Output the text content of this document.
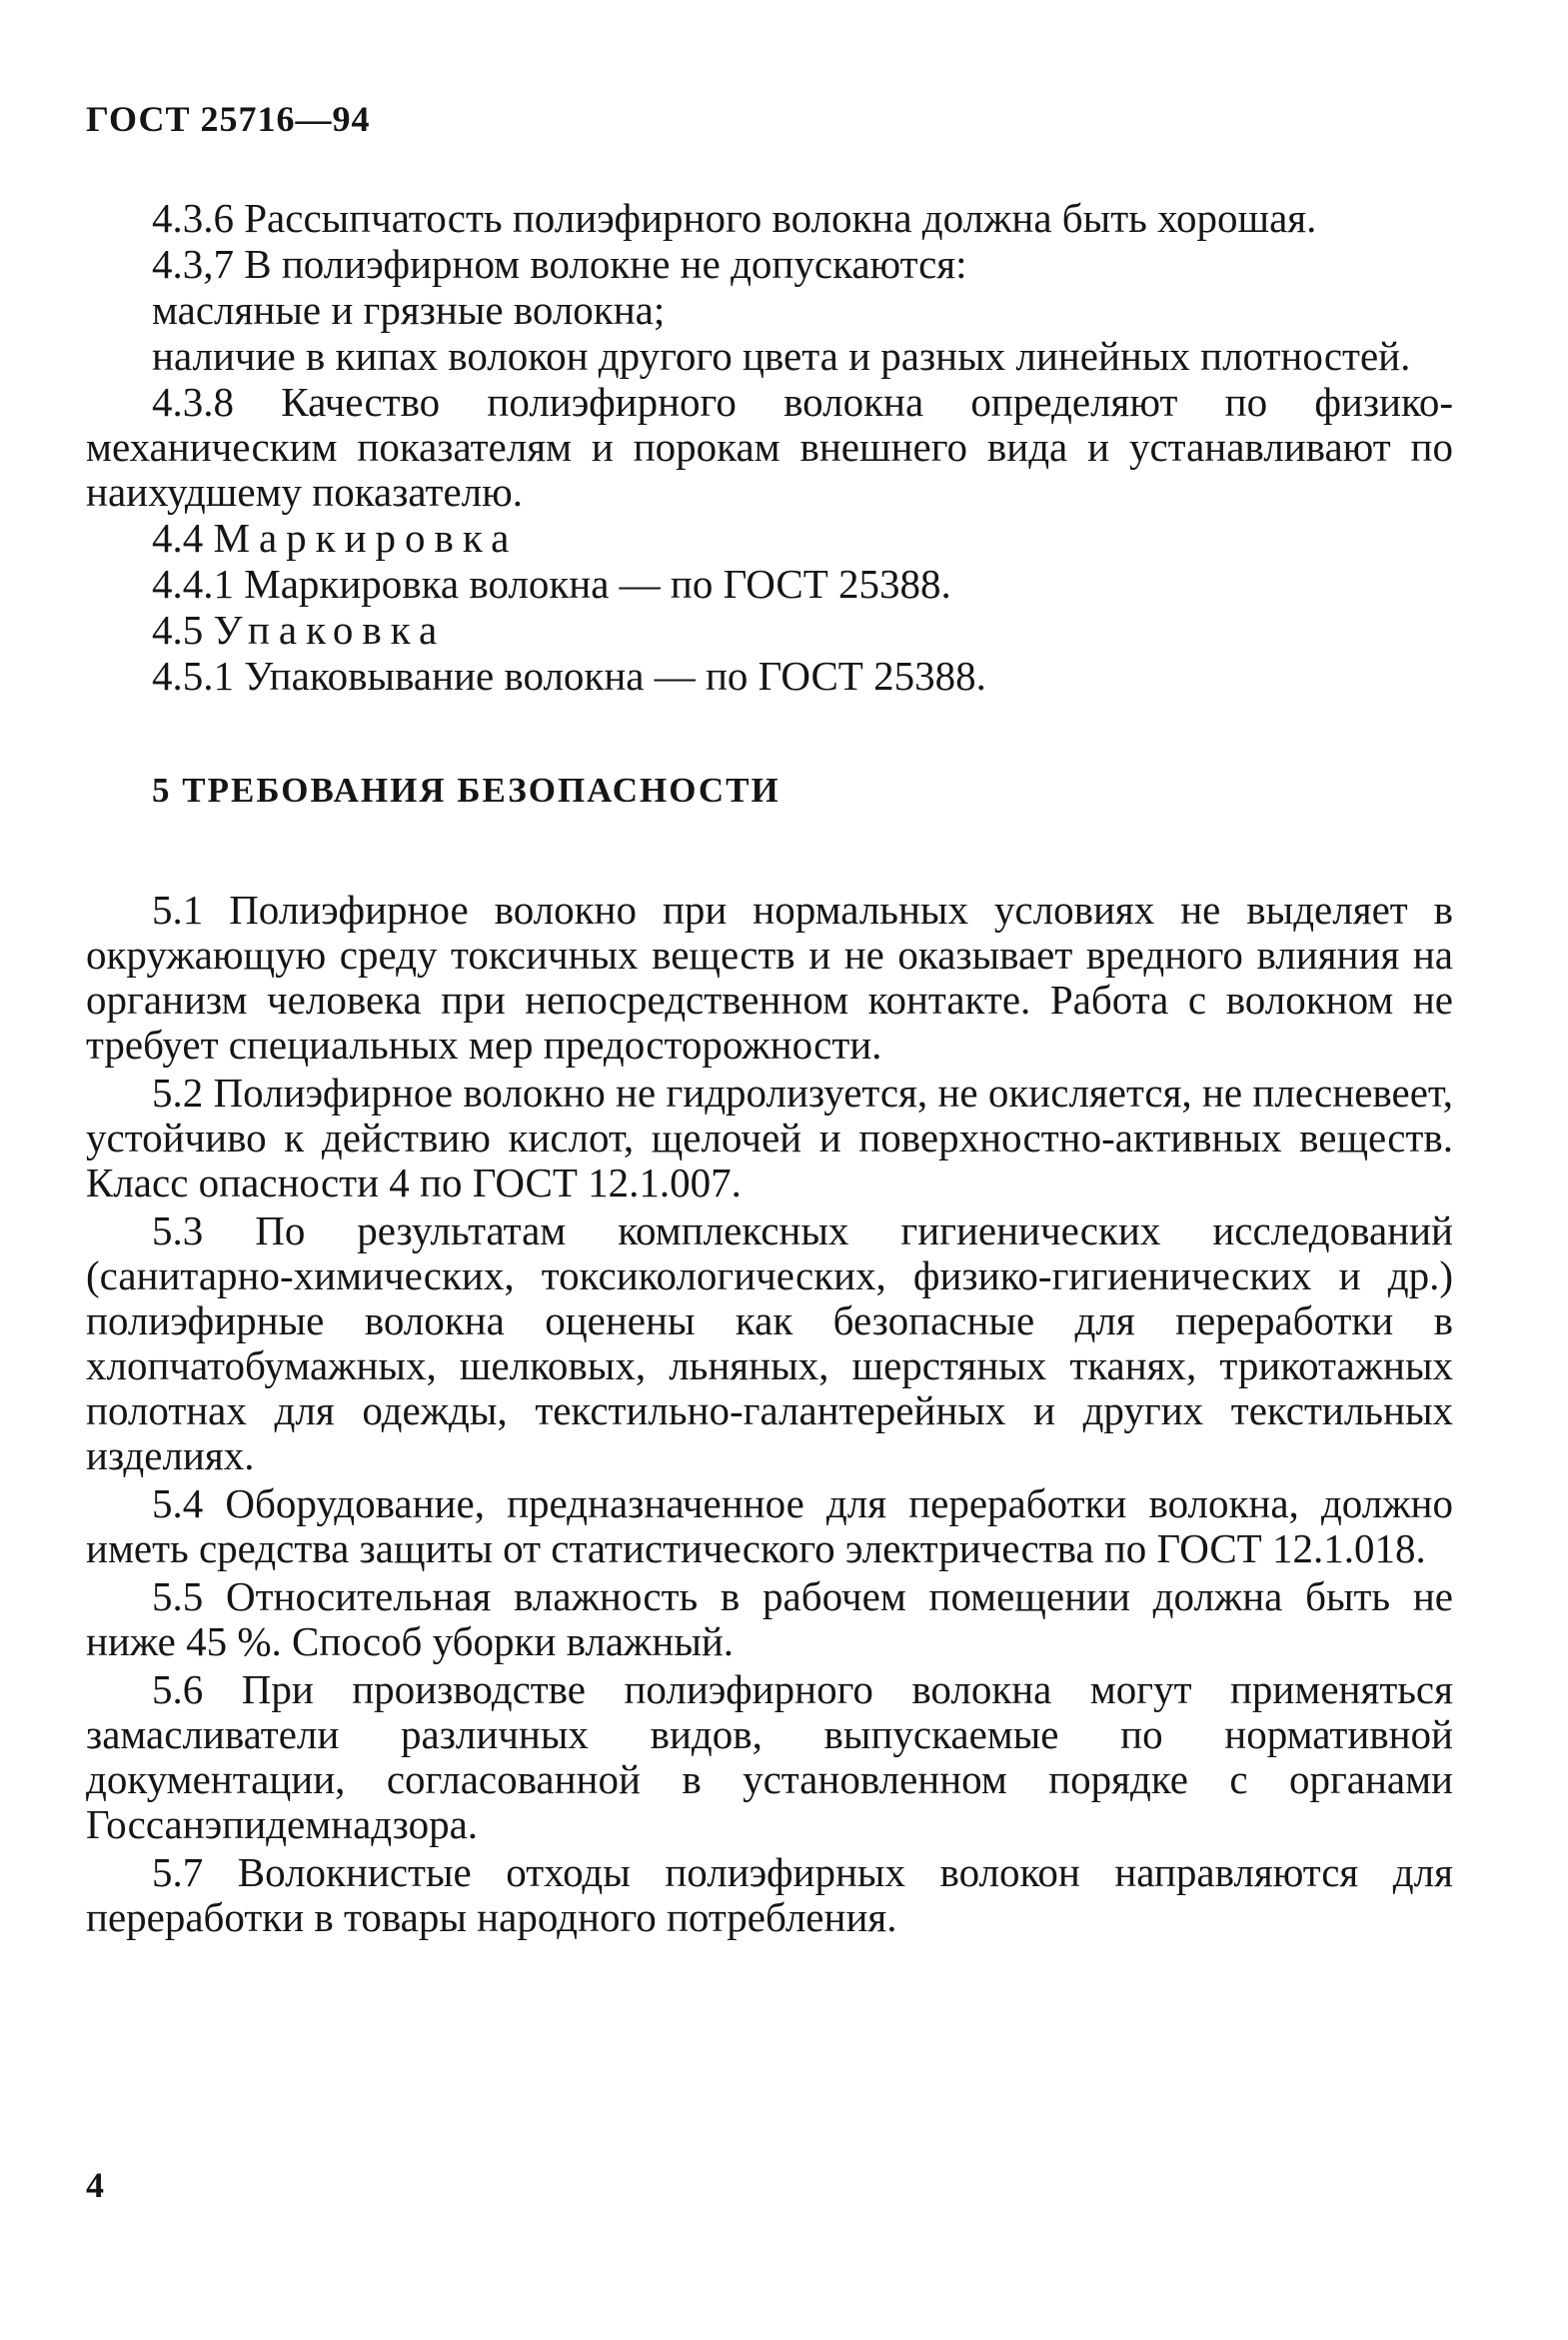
ГОСТ 25716—94

4.3.6 Рассыпчатость полиэфирного волокна должна быть хорошая.

4.3,7 В полиэфирном волокне не допускаются:

масляные и грязные волокна;

наличие в кипах волокон другого цвета и разных линейных плотностей.

4.3.8 Качество полиэфирного волокна определяют по физико-механическим показателям и порокам внешнего вида и устанавливают по наихудшему показателю.

4.4 Маркировка

4.4.1 Маркировка волокна — по ГОСТ 25388.

4.5 Упаковка

4.5.1 Упаковывание волокна — по ГОСТ 25388.

5 ТРЕБОВАНИЯ БЕЗОПАСНОСТИ

5.1 Полиэфирное волокно при нормальных условиях не выделяет в окружающую среду токсичных веществ и не оказывает вредного влияния на организм человека при непосредственном контакте. Работа с волокном не требует специальных мер предосторожности.

5.2 Полиэфирное волокно не гидролизуется, не окисляется, не плесневеет, устойчиво к действию кислот, щелочей и поверхностно-активных веществ. Класс опасности 4 по ГОСТ 12.1.007.

5.3 По результатам комплексных гигиенических исследований (санитарно-химических, токсикологических, физико-гигиенических и др.) полиэфирные волокна оценены как безопасные для переработки в хлопчатобумажных, шелковых, льняных, шерстяных тканях, трикотажных полотнах для одежды, текстильно-галантерейных и других текстильных изделиях.

5.4 Оборудование, предназначенное для переработки волокна, должно иметь средства защиты от статистического электричества по ГОСТ 12.1.018.

5.5 Относительная влажность в рабочем помещении должна быть не ниже 45 %. Способ уборки влажный.

5.6 При производстве полиэфирного волокна могут применяться замасливатели различных видов, выпускаемые по нормативной документации, согласованной в установленном порядке с органами Госсанэпидемнадзора.

5.7 Волокнистые отходы полиэфирных волокон направляются для переработки в товары народного потребления.

4
